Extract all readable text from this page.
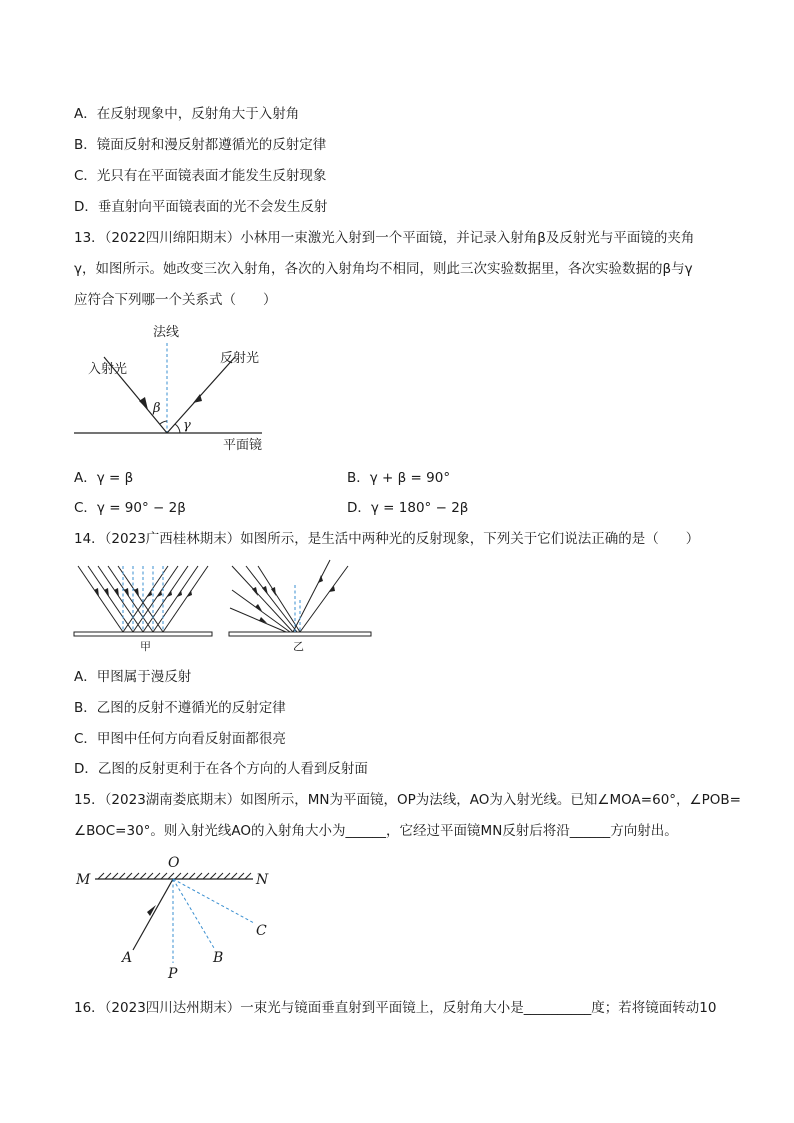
A．在反射现象中，反射角大于入射角
B．镜面反射和漫反射都遵循光的反射定律
C．光只有在平面镜表面才能发生反射现象
D．垂直射向平面镜表面的光不会发生反射
13．（2022四川绵阳期末）小林用一束激光入射到一个平面镜，并记录入射角β及反射光与平面镜的夹角
γ，如图所示。她改变三次入射角，各次的入射角均不相同，则此三次实验数据里，各次实验数据的β与γ
应符合下列哪一个关系式（　　）
法线
入射光
反射光
平面镜
β
γ
A．γ = β	B．γ + β = 90°
C．γ = 90° − 2β	D．γ = 180° − 2β
14．（2023广西桂林期末）如图所示，是生活中两种光的反射现象，下列关于它们说法正确的是（　　）
甲	乙
A．甲图属于漫反射
B．乙图的反射不遵循光的反射定律
C．甲图中任何方向看反射面都很亮
D．乙图的反射更利于在各个方向的人看到反射面
15．（2023湖南娄底期末）如图所示，MN为平面镜，OP为法线，AO为入射光线。已知∠MOA=60°，∠POB=
∠BOC=30°。则入射光线AO的入射角大小为______，它经过平面镜MN反射后将沿______方向射出。
M	N
O
A
P
B
C
16．（2023四川达州期末）一束光与镜面垂直射到平面镜上，反射角大小是__________度；若将镜面转动10
